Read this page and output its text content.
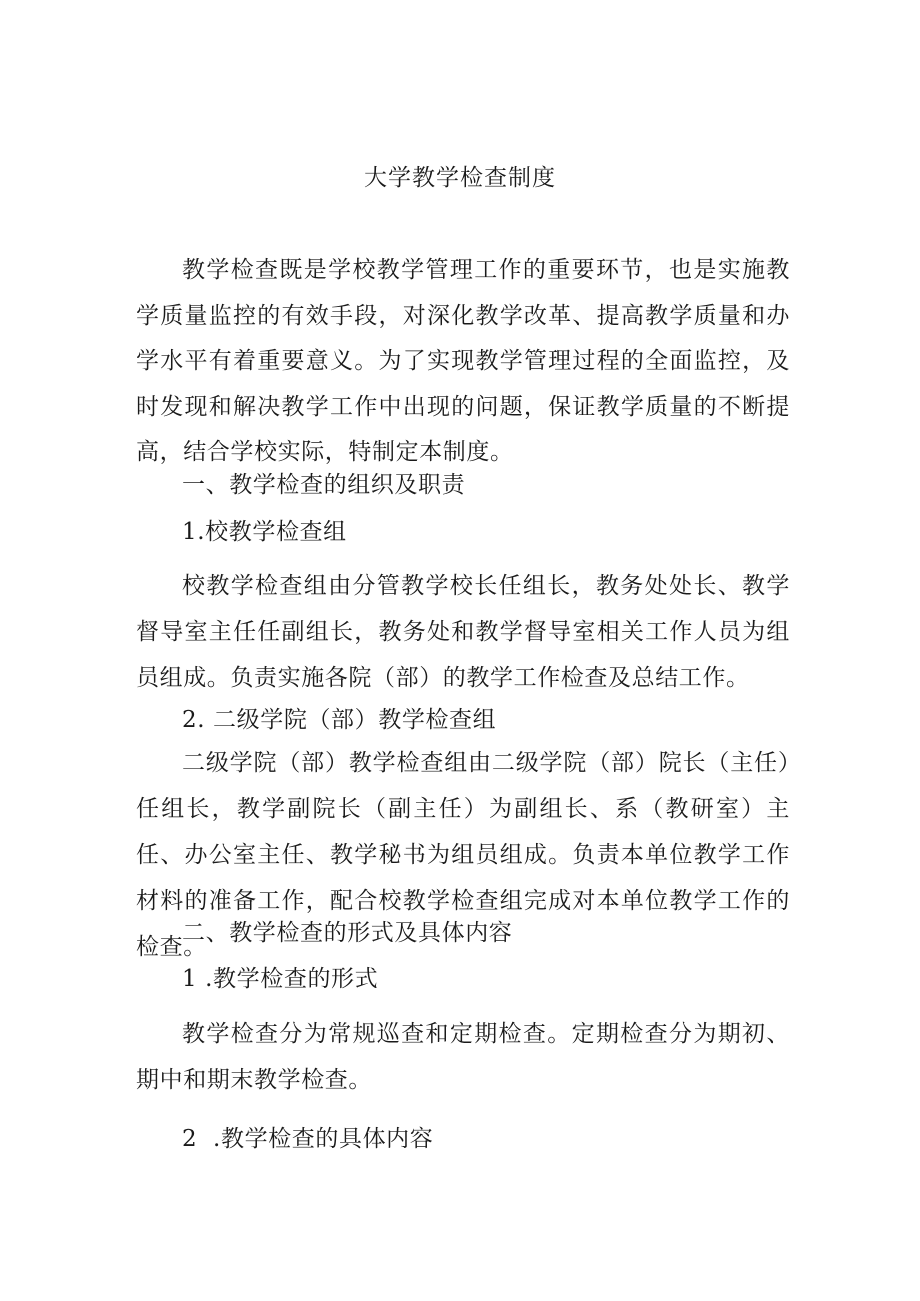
大学教学检查制度

教学检查既是学校教学管理工作的重要环节，也是实施教学质量监控的有效手段，对深化教学改革、提高教学质量和办学水平有着重要意义。为了实现教学管理过程的全面监控，及时发现和解决教学工作中出现的问题，保证教学质量的不断提高，结合学校实际，特制定本制度。

一、教学检查的组织及职责

1.校教学检查组

校教学检查组由分管教学校长任组长，教务处处长、教学督导室主任任副组长，教务处和教学督导室相关工作人员为组员组成。负责实施各院（部）的教学工作检查及总结工作。

2. 二级学院（部）教学检查组

二级学院（部）教学检查组由二级学院（部）院长（主任）任组长，教学副院长（副主任）为副组长、系（教研室）主任、办公室主任、教学秘书为组员组成。负责本单位教学工作材料的准备工作，配合校教学检查组完成对本单位教学工作的检查。

二、教学检查的形式及具体内容

1 .教学检查的形式

教学检查分为常规巡查和定期检查。定期检查分为期初、期中和期末教学检查。

2  .教学检查的具体内容
